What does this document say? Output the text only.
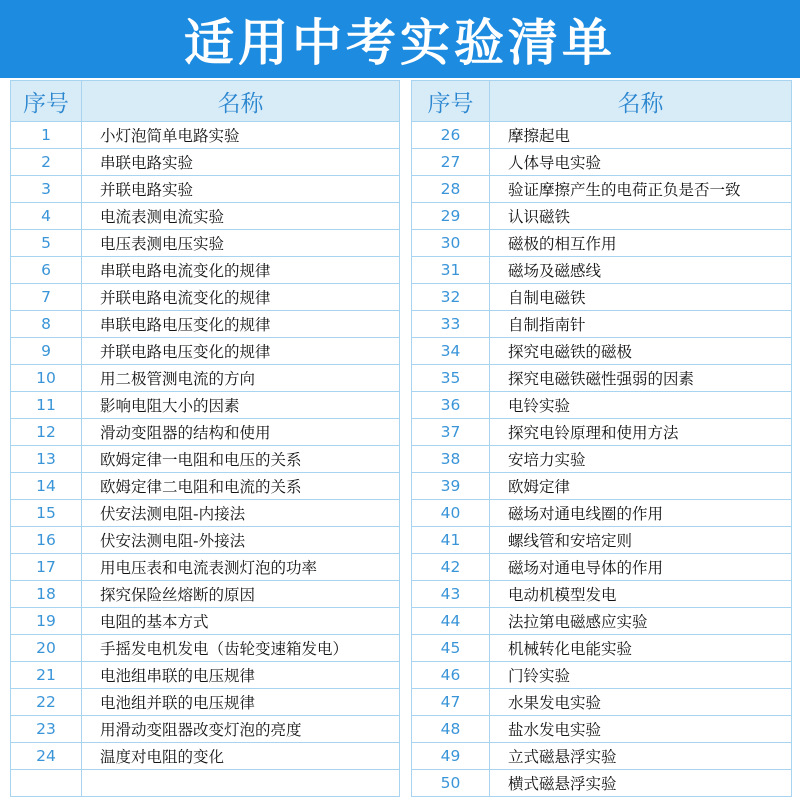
适用中考实验清单
序号	名称
1	小灯泡简单电路实验
2	串联电路实验
3	并联电路实验
4	电流表测电流实验
5	电压表测电压实验
6	串联电路电流变化的规律
7	并联电路电流变化的规律
8	串联电路电压变化的规律
9	并联电路电压变化的规律
10	用二极管测电流的方向
11	影响电阻大小的因素
12	滑动变阻器的结构和使用
13	欧姆定律一电阻和电压的关系
14	欧姆定律二电阻和电流的关系
15	伏安法测电阻-内接法
16	伏安法测电阻-外接法
17	用电压表和电流表测灯泡的功率
18	探究保险丝熔断的原因
19	电阻的基本方式
20	手摇发电机发电（齿轮变速箱发电）
21	电池组串联的电压规律
22	电池组并联的电压规律
23	用滑动变阻器改变灯泡的亮度
24	温度对电阻的变化

序号	名称
26	摩擦起电
27	人体导电实验
28	验证摩擦产生的电荷正负是否一致
29	认识磁铁
30	磁极的相互作用
31	磁场及磁感线
32	自制电磁铁
33	自制指南针
34	探究电磁铁的磁极
35	探究电磁铁磁性强弱的因素
36	电铃实验
37	探究电铃原理和使用方法
38	安培力实验
39	欧姆定律
40	磁场对通电线圈的作用
41	螺线管和安培定则
42	磁场对通电导体的作用
43	电动机模型发电
44	法拉第电磁感应实验
45	机械转化电能实验
46	门铃实验
47	水果发电实验
48	盐水发电实验
49	立式磁悬浮实验
50	横式磁悬浮实验
